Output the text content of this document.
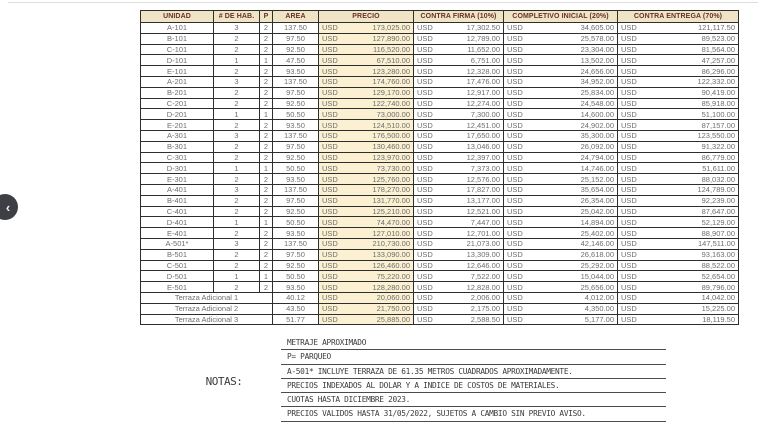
‹
UNIDAD	# DE HAB.	P	AREA	PRECIO	CONTRA FIRMA (10%)	COMPLETIVO INICIAL (20%)	CONTRA ENTREGA (70%)
A-101	3	2	137.50	USD 173,025.00	USD 17,302.50	USD 34,605.00	USD 121,117.50

B-101	2	2	97.50	USD 127,890.00	USD 12,789.00	USD 25,578.00	USD 89,523.00

C-101	2	2	92.50	USD 116,520.00	USD 11,652.00	USD 23,304.00	USD 81,564.00

D-101	1	1	47.50	USD 67,510.00	USD 6,751.00	USD 13,502.00	USD 47,257.00

E-101	2	2	93.50	USD 123,280.00	USD 12,328.00	USD 24,656.00	USD 86,296.00

A-201	3	2	137.50	USD 174,760.00	USD 17,476.00	USD 34,952.00	USD 122,332.00

B-201	2	2	97.50	USD 129,170.00	USD 12,917.00	USD 25,834.00	USD 90,419.00

C-201	2	2	92.50	USD 122,740.00	USD 12,274.00	USD 24,548.00	USD 85,918.00

D-201	1	1	50.50	USD 73,000.00	USD 7,300.00	USD 14,600.00	USD 51,100.00

E-201	2	2	93.50	USD 124,510.00	USD 12,451.00	USD 24,902.00	USD 87,157.00

A-301	3	2	137.50	USD 176,500.00	USD 17,650.00	USD 35,300.00	USD 123,550.00

B-301	2	2	97.50	USD 130,460.00	USD 13,046.00	USD 26,092.00	USD 91,322.00

C-301	2	2	92.50	USD 123,970.00	USD 12,397.00	USD 24,794.00	USD 86,779.00

D-301	1	1	50.50	USD 73,730.00	USD 7,373.00	USD 14,746.00	USD 51,611.00

E-301	2	2	93.50	USD 125,760.00	USD 12,576.00	USD 25,152.00	USD 88,032.00

A-401	3	2	137.50	USD 178,270.00	USD 17,827.00	USD 35,654.00	USD 124,789.00

B-401	2	2	97.50	USD 131,770.00	USD 13,177.00	USD 26,354.00	USD 92,239.00

C-401	2	2	92.50	USD 125,210.00	USD 12,521.00	USD 25,042.00	USD 87,647.00

D-401	1	1	50.50	USD 74,470.00	USD 7,447.00	USD 14,894.00	USD 52,129.00

E-401	2	2	93.50	USD 127,010.00	USD 12,701.00	USD 25,402.00	USD 88,907.00

A-501*	3	2	137.50	USD 210,730.00	USD 21,073.00	USD 42,146.00	USD 147,511.00

B-501	2	2	97.50	USD 133,090.00	USD 13,309.00	USD 26,618.00	USD 93,163.00

C-501	2	2	92.50	USD 126,460.00	USD 12,646.00	USD 25,292.00	USD 88,522.00

D-501	1	1	50.50	USD 75,220.00	USD 7,522.00	USD 15,044.00	USD 52,654.00

E-501	2	2	93.50	USD 128,280.00	USD 12,828.00	USD 25,656.00	USD 89,796.00

Terraza Adicional 1			40.12	USD 20,060.00	USD 2,006.00	USD 4,012.00	USD 14,042.00

Terraza Adicional 2			43.50	USD 21,750.00	USD 2,175.00	USD 4,350.00	USD 15,225.00

Terraza Adicional 3			51.77	USD 25,885.00	USD 2,588.50	USD 5,177.00	USD 18,119.50
NOTAS:
METRAJE APROXIMADO
P= PARQUEO
A-501* INCLUYE TERRAZA DE 61.35 METROS CUADRADOS APROXIMADAMENTE.
PRECIOS INDEXADOS AL DOLAR Y A INDICE DE COSTOS DE MATERIALES.
CUOTAS HASTA DICIEMBRE 2023.
PRECIOS VALIDOS HASTA 31/05/2022, SUJETOS A CAMBIO SIN PREVIO AVISO.
